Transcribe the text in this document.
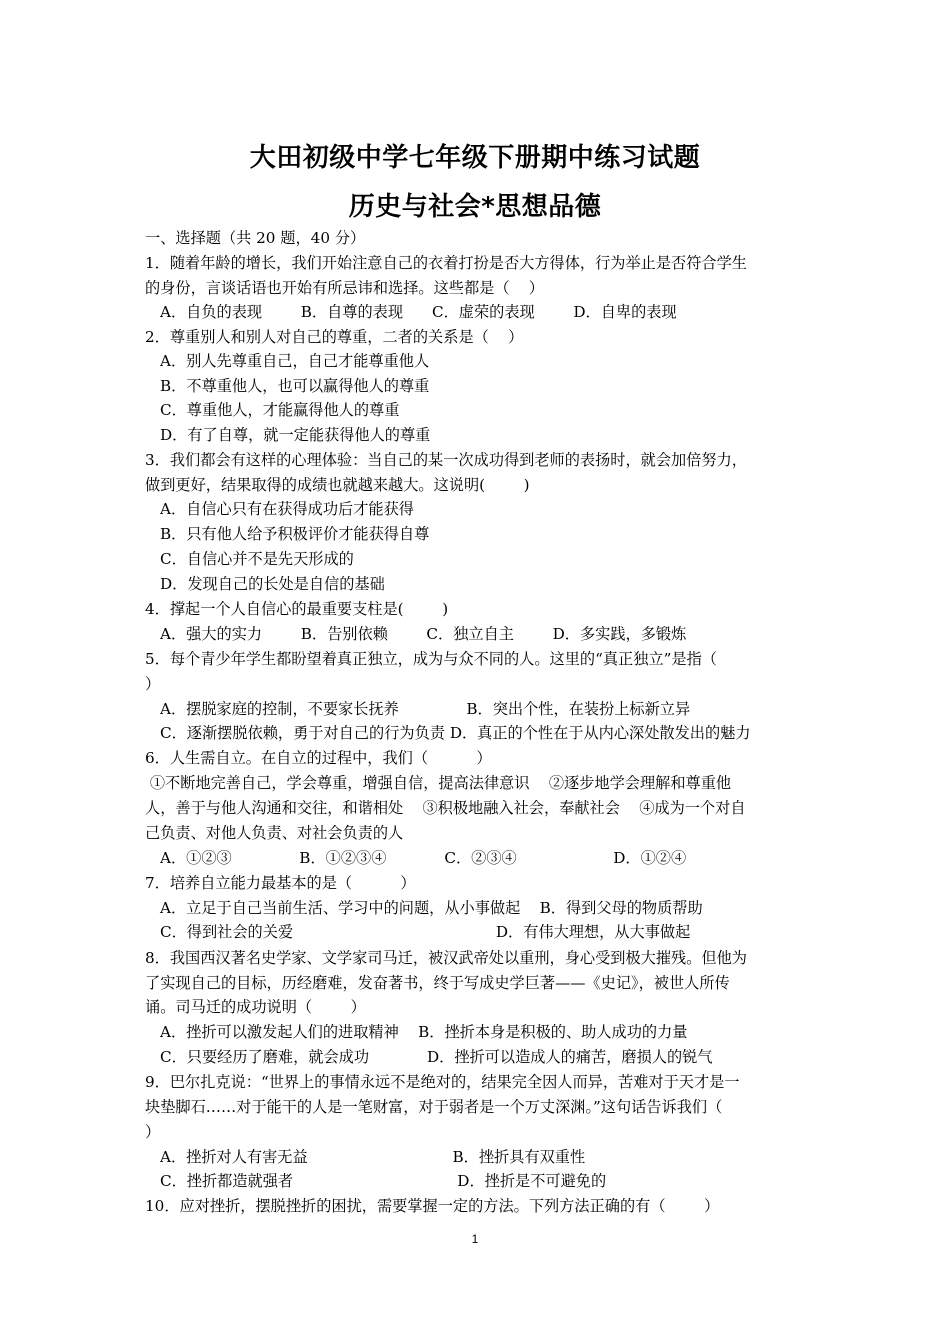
大田初级中学七年级下册期中练习试题
历史与社会*思想品德
一、选择题（共 20 题，40 分）
1．随着年龄的增长，我们开始注意自己的衣着打扮是否大方得体，行为举止是否符合学生
的身份，言谈话语也开始有所忌讳和选择。这些都是（    ）
A．自负的表现        B．自尊的表现      C．虚荣的表现        D．自卑的表现
2．尊重别人和别人对自己的尊重，二者的关系是（    ）
A．别人先尊重自己，自己才能尊重他人
B．不尊重他人，也可以赢得他人的尊重
C．尊重他人，才能赢得他人的尊重
D．有了自尊，就一定能获得他人的尊重
3．我们都会有这样的心理体验：当自己的某一次成功得到老师的表扬时，就会加倍努力，
做到更好，结果取得的成绩也就越来越大。这说明(        )
A．自信心只有在获得成功后才能获得
B．只有他人给予积极评价才能获得自尊
C．自信心并不是先天形成的
D．发现自己的长处是自信的基础
4．撑起一个人自信心的最重要支柱是(        )
A．强大的实力        B．告别依赖        C．独立自主        D．多实践，多锻炼
5．每个青少年学生都盼望着真正独立，成为与众不同的人。这里的“真正独立”是指（
）
A．摆脱家庭的控制，不要家长抚养              B．突出个性，在装扮上标新立异
C．逐渐摆脱依赖，勇于对自己的行为负责 D．真正的个性在于从内心深处散发出的魅力
6．人生需自立。在自立的过程中，我们（          ）
①不断地完善自己，学会尊重，增强自信，提高法律意识    ②逐步地学会理解和尊重他
人，善于与他人沟通和交往，和谐相处    ③积极地融入社会，奉献社会    ④成为一个对自
己负责、对他人负责、对社会负责的人
A．①②③              B．①②③④            C．②③④                    D．①②④
7．培养自立能力最基本的是（          ）
A．立足于自己当前生活、学习中的问题，从小事做起    B．得到父母的物质帮助
C．得到社会的关爱                                          D．有伟大理想，从大事做起
8．我国西汉著名史学家、文学家司马迁，被汉武帝处以重刑，身心受到极大摧残。但他为
了实现自己的目标，历经磨难，发奋著书，终于写成史学巨著——《史记》，被世人所传
诵。司马迁的成功说明（        ）
A．挫折可以激发起人们的进取精神    B．挫折本身是积极的、助人成功的力量
C．只要经历了磨难，就会成功            D．挫折可以造成人的痛苦，磨损人的锐气
9．巴尔扎克说：“世界上的事情永远不是绝对的，结果完全因人而异，苦难对于天才是一
块垫脚石……对于能干的人是一笔财富，对于弱者是一个万丈深渊。”这句话告诉我们（
）
A．挫折对人有害无益                              B．挫折具有双重性
C．挫折都造就强者                                  D．挫折是不可避免的
10．应对挫折，摆脱挫折的困扰，需要掌握一定的方法。下列方法正确的有（        ）
1
